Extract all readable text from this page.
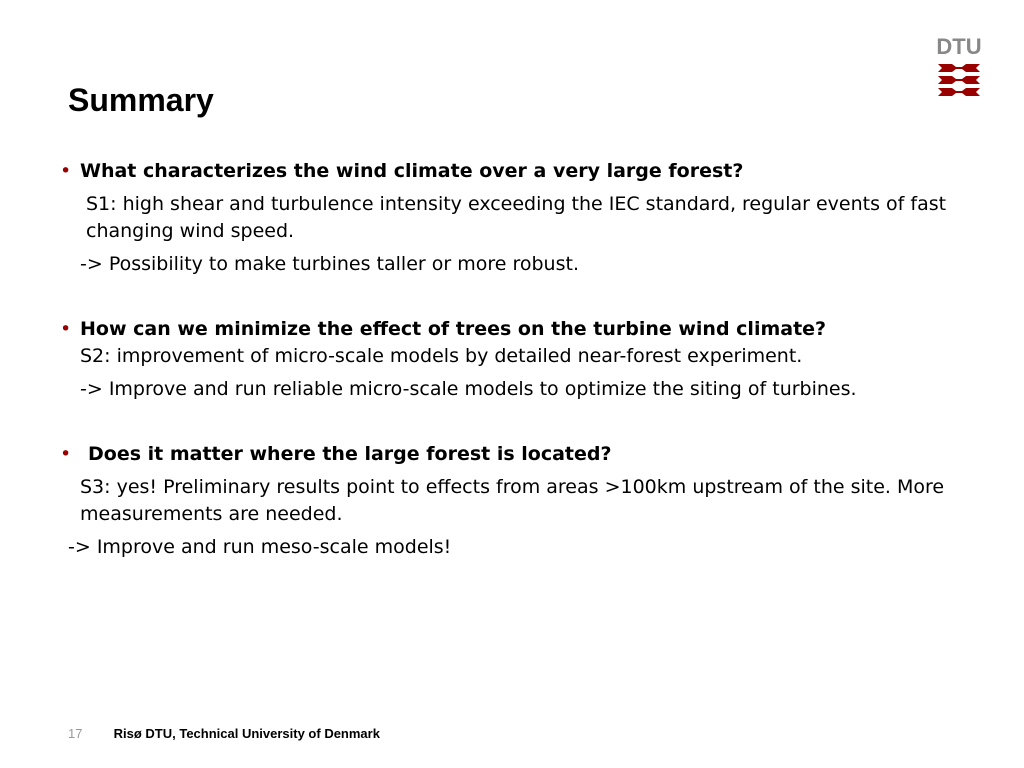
Summary
DTU
• What characterizes the wind climate over a very large forest?
S1: high shear and turbulence intensity exceeding the IEC standard, regular events of fast changing wind speed.
-> Possibility to make turbines taller or more robust.
• How can we minimize the effect of trees on the turbine wind climate?
S2: improvement of micro-scale models by detailed near-forest experiment.
-> Improve and run reliable micro-scale models to optimize the siting of turbines.
• Does it matter where the large forest is located?
S3: yes! Preliminary results point to effects from areas >100km upstream of the site. More measurements are needed.
-> Improve and run meso-scale models!
17 Risø DTU, Technical University of Denmark
